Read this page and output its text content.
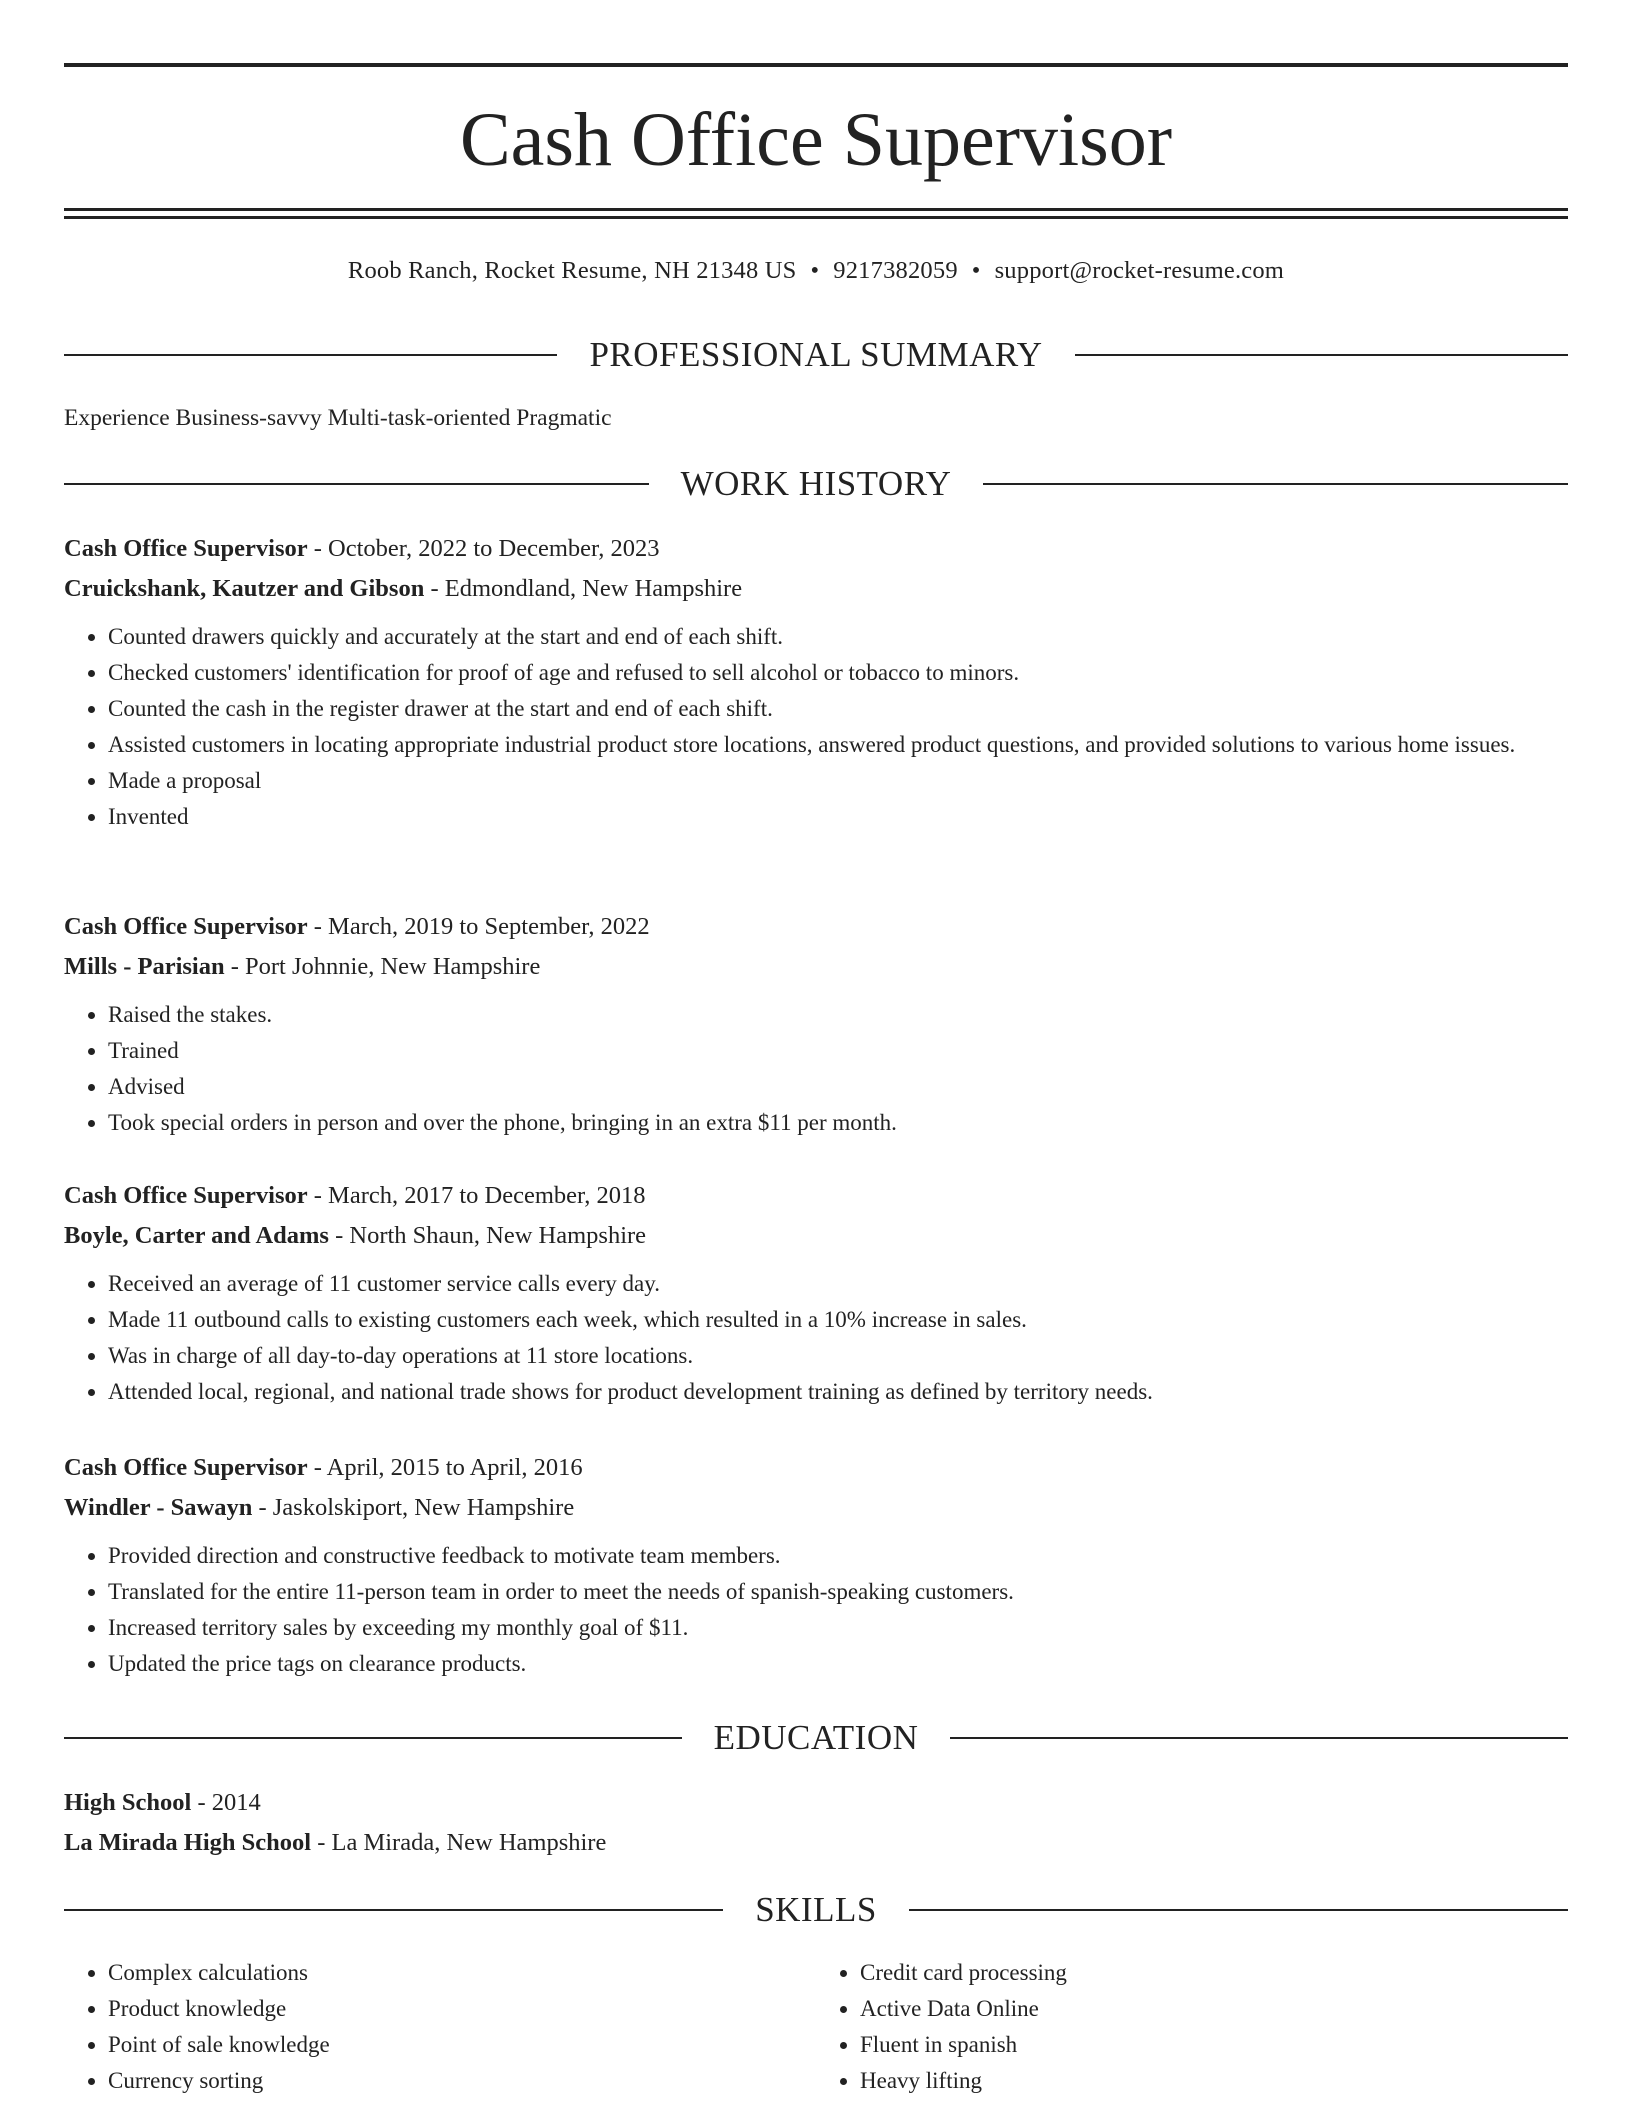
Cash Office Supervisor
Roob Ranch, Rocket Resume, NH 21348 US • 9217382059 • support@rocket-resume.com
PROFESSIONAL SUMMARY
Experience Business-savvy Multi-task-oriented Pragmatic
WORK HISTORY
Cash Office Supervisor - October, 2022 to December, 2023
Cruickshank, Kautzer and Gibson - Edmondland, New Hampshire
• Counted drawers quickly and accurately at the start and end of each shift.
• Checked customers' identification for proof of age and refused to sell alcohol or tobacco to minors.
• Counted the cash in the register drawer at the start and end of each shift.
• Assisted customers in locating appropriate industrial product store locations, answered product questions, and provided solutions to various home issues.
• Made a proposal
• Invented
Cash Office Supervisor - March, 2019 to September, 2022
Mills - Parisian - Port Johnnie, New Hampshire
• Raised the stakes.
• Trained
• Advised
• Took special orders in person and over the phone, bringing in an extra $11 per month.
Cash Office Supervisor - March, 2017 to December, 2018
Boyle, Carter and Adams - North Shaun, New Hampshire
• Received an average of 11 customer service calls every day.
• Made 11 outbound calls to existing customers each week, which resulted in a 10% increase in sales.
• Was in charge of all day-to-day operations at 11 store locations.
• Attended local, regional, and national trade shows for product development training as defined by territory needs.
Cash Office Supervisor - April, 2015 to April, 2016
Windler - Sawayn - Jaskolskiport, New Hampshire
• Provided direction and constructive feedback to motivate team members.
• Translated for the entire 11-person team in order to meet the needs of spanish-speaking customers.
• Increased territory sales by exceeding my monthly goal of $11.
• Updated the price tags on clearance products.
EDUCATION
High School - 2014
La Mirada High School - La Mirada, New Hampshire
SKILLS
• Complex calculations
• Product knowledge
• Point of sale knowledge
• Currency sorting
• Credit card processing
• Active Data Online
• Fluent in spanish
• Heavy lifting
